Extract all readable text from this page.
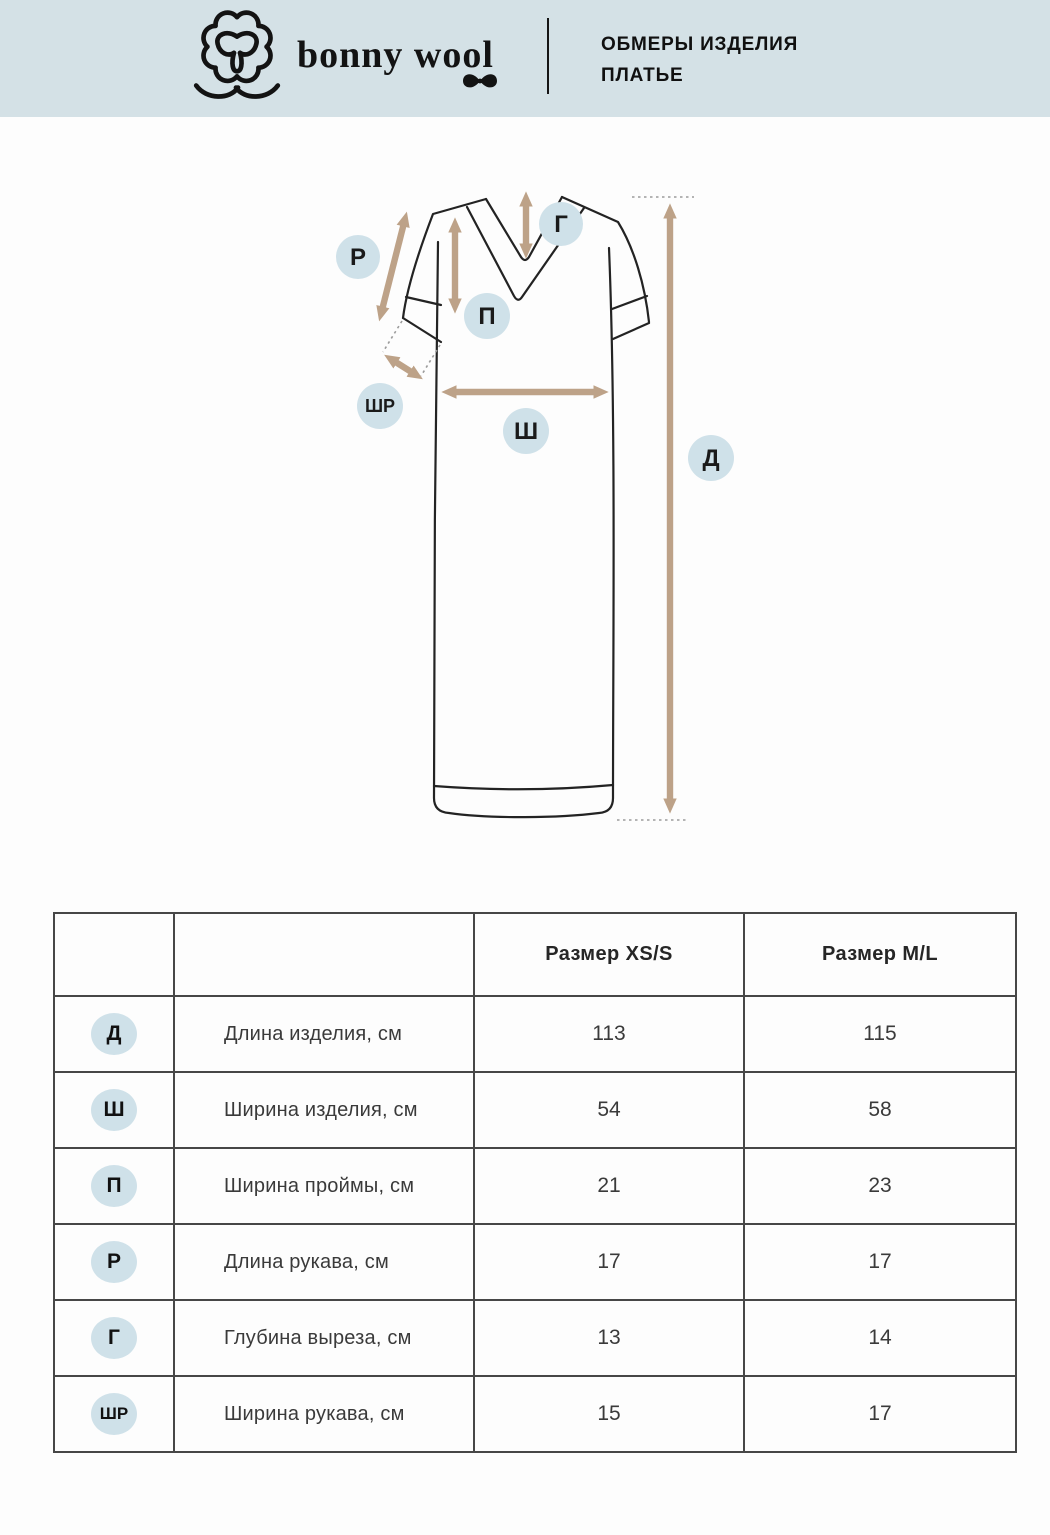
bonny wool	ОБМЕРЫ ИЗДЕЛИЯ
ПЛАТЬЕ
Г
Р
П
ШР
Ш
Д
		Размер XS/S	Размер M/L
Д	Длина изделия, см	113	115
Ш	Ширина изделия, см	54	58
П	Ширина проймы, см	21	23
Р	Длина рукава, см	17	17
Г	Глубина выреза, см	13	14
ШР	Ширина рукава, см	15	17
